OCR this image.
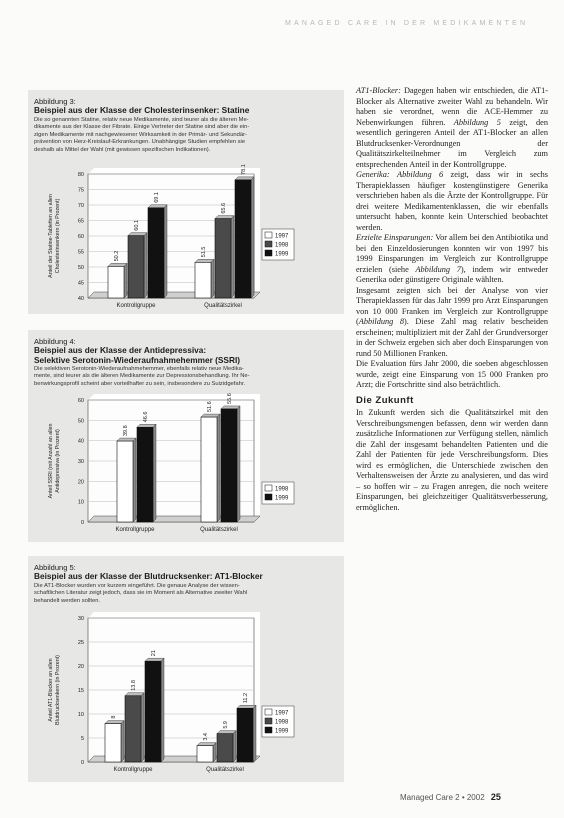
MANAGED CARE IN DER MEDIKAMENTEN
Abbildung 3:
Beispiel aus der Klasse der Cholesterinsenker: Statine
Die so genannten Statine, relativ neue Medikamente, sind teurer als die älteren Me-
dikamente aus der Klasse der Fibrate. Einige Vertreter der Statine sind aber die ein-
zigen Medikamente mit nachgewiesener Wirksamkeit in der Primär- und Sekundär-
prävention von Herz-Kreislauf-Erkrankungen. Unabhängige Studien empfehlen sie
deshalb als Mittel der Wahl (mit gewissen spezifischen Indikationen).
40
45
50
55
60
65
70
75
80
Anteil der Statine-Tabletten an allen Cholesterinsenkern (in Prozent)	50.2
60.1
69.1
Kontrollgruppe
51.5
65.6
78.1
Qualitätszirkel
1997
1998
1999
Abbildung 4:
Beispiel aus der Klasse der Antidepressiva:
Selektive Serotonin-Wiederaufnahmehemmer (SSRI)
Die selektiven Serotonin-Wiederaufnahmehemmer, ebenfalls relativ neue Medika-
mente, sind teurer als die älteren Medikamente zur Depressionsbehandlung. Ihr Ne-
benwirkungsprofil scheint aber vorteilhafter zu sein, insbesondere zu Suizidgefahr.
0
10
20
30
40
50
60
Anteil SSRI (mit Anzahl an allen Antidepressiva (in Prozent)	39.8
46.6
Kontrollgruppe
51.6
55.6
Qualitätszirkel
1998
1999
Abbildung 5:
Beispiel aus der Klasse der Blutdrucksenker: AT1-Blocker
Die AT1-Blocker wurden vor kurzem eingeführt. Die genaue Analyse der wissen-
schaftlichen Literatur zeigt jedoch, dass sie im Moment als Alternative zweiter Wahl
behandelt werden sollten.
0
5
10
15
20
25
30
Anteil AT1-Blocker an allen Blutdrucksenkern (in Prozent)	8
13.8
21
Kontrollgruppe
3.4
5.9
11.2
Qualitätszirkel
1997
1998
1999

AT1-Blocker: Dagegen haben wir entschieden, die AT1-Blocker als Alternative zweiter Wahl zu behandeln. Wir haben sie verordnet, wenn die ACE-Hemmer zu Nebenwirkungen führen. Abbildung 5 zeigt, den wesentlich geringeren Anteil der AT1-Blocker an allen Blutdrucksenker-Verordnungen der Qualitätszirkelteilnehmer im Vergleich zum entsprechenden Anteil in der Kontrollgruppe.

Generika: Abbildung 6 zeigt, dass wir in sechs Therapieklassen häufiger kostengünstigere Generika verschrieben haben als die Ärzte der Kontrollgruppe. Für drei weitere Medikamentenklassen, die wir ebenfalls untersucht haben, konnte kein Unterschied beobachtet werden.

Erzielte Einsparungen: Vor allem bei den Antibiotika und bei den Einzeldosierungen konnten wir von 1997 bis 1999 Einsparungen im Vergleich zur Kontrollgruppe erzielen (siehe Abbildung 7), indem wir entweder Generika oder günstigere Originale wählten.

Insgesamt zeigten sich bei der Analyse von vier Therapieklassen für das Jahr 1999 pro Arzt Einsparungen von 10 000 Franken im Vergleich zur Kontrollgruppe (Abbildung 8). Diese Zahl mag relativ bescheiden erscheinen; multipliziert mit der Zahl der Grundversorger in der Schweiz ergeben sich aber doch Einsparungen von rund 50 Millionen Franken.

Die Evaluation fürs Jahr 2000, die soeben abgeschlossen wurde, zeigt eine Einsparung von 15 000 Franken pro Arzt; die Fortschritte sind also beträchtlich.

Die Zukunft

In Zukunft werden sich die Qualitätszirkel mit den Verschreibungsmengen befassen, denn wir werden dann zusätzliche Informationen zur Verfügung stellen, nämlich die Zahl der insgesamt behandelten Patienten und die Zahl der Patienten für jede Verschreibungsform. Dies wird es ermöglichen, die Unterschiede zwischen den Verhaltensweisen der Ärzte zu analysieren, und das wird – so hoffen wir – zu Fragen anregen, die noch weitere Einsparungen, bei gleichzeitiger Qualitätsverbesserung, ermöglichen.

Managed Care 2 • 2002 25
